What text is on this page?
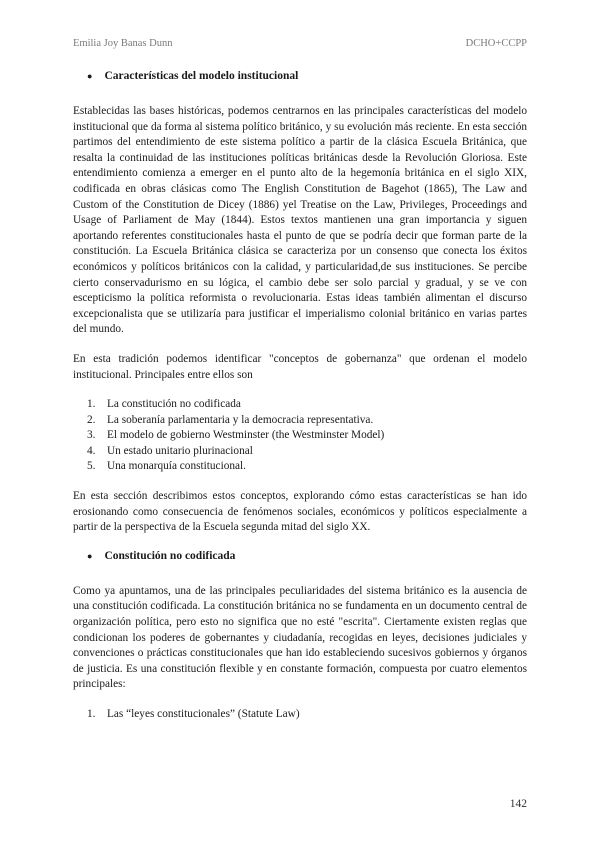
Emilia Joy Banas Dunn	DCHO+CCPP
● Características del modelo institucional

Establecidas las bases históricas, podemos centrarnos en las principales características del modelo institucional que da forma al sistema político británico, y su evolución más reciente. En esta sección partimos del entendimiento de este sistema político a partir de la clásica Escuela Británica, que resalta la continuidad de las instituciones políticas británicas desde la Revolución Gloriosa. Este entendimiento comienza a emerger en el punto alto de la hegemonía británica en el siglo XIX, codificada en obras clásicas como The English Constitution de Bagehot (1865), The Law and Custom of the Constitution de Dicey (1886) yel Treatise on the Law, Privileges, Proceedings and Usage of Parliament de May (1844). Estos textos mantienen una gran importancia y siguen aportando referentes constitucionales hasta el punto de que se podría decir que forman parte de la constitución. La Escuela Británica clásica se caracteriza por un consenso que conecta los éxitos económicos y políticos británicos con la calidad, y particularidad,de sus instituciones. Se percibe cierto conservadurismo en su lógica, el cambio debe ser solo parcial y gradual, y se ve con escepticismo la política reformista o revolucionaria. Estas ideas también alimentan el discurso excepcionalista que se utilizaría para justificar el imperialismo colonial británico en varias partes del mundo.

En esta tradición podemos identificar "conceptos de gobernanza" que ordenan el modelo institucional. Principales entre ellos son

1.	La constitución no codificada
2.	La soberanía parlamentaria y la democracia representativa.
3.	El modelo de gobierno Westminster (the Westminster Model)
4.	Un estado unitario plurinacional
5.	Una monarquía constitucional.

En esta sección describimos estos conceptos, explorando cómo estas características se han ido erosionando como consecuencia de fenómenos sociales, económicos y políticos especialmente a partir de la perspectiva de la Escuela segunda mitad del siglo XX.

● Constitución no codificada

Como ya apuntamos, una de las principales peculiaridades del sistema británico es la ausencia de una constitución codificada. La constitución británica no se fundamenta en un documento central de organización política, pero esto no significa que no esté "escrita". Ciertamente existen reglas que condicionan los poderes de gobernantes y ciudadanía, recogidas en leyes, decisiones judiciales y convenciones o prácticas constitucionales que han ido estableciendo sucesivos gobiernos y órganos de justicia. Es una constitución flexible y en constante formación, compuesta por cuatro elementos principales:

1.	Las “leyes constitucionales” (Statute Law)
142
